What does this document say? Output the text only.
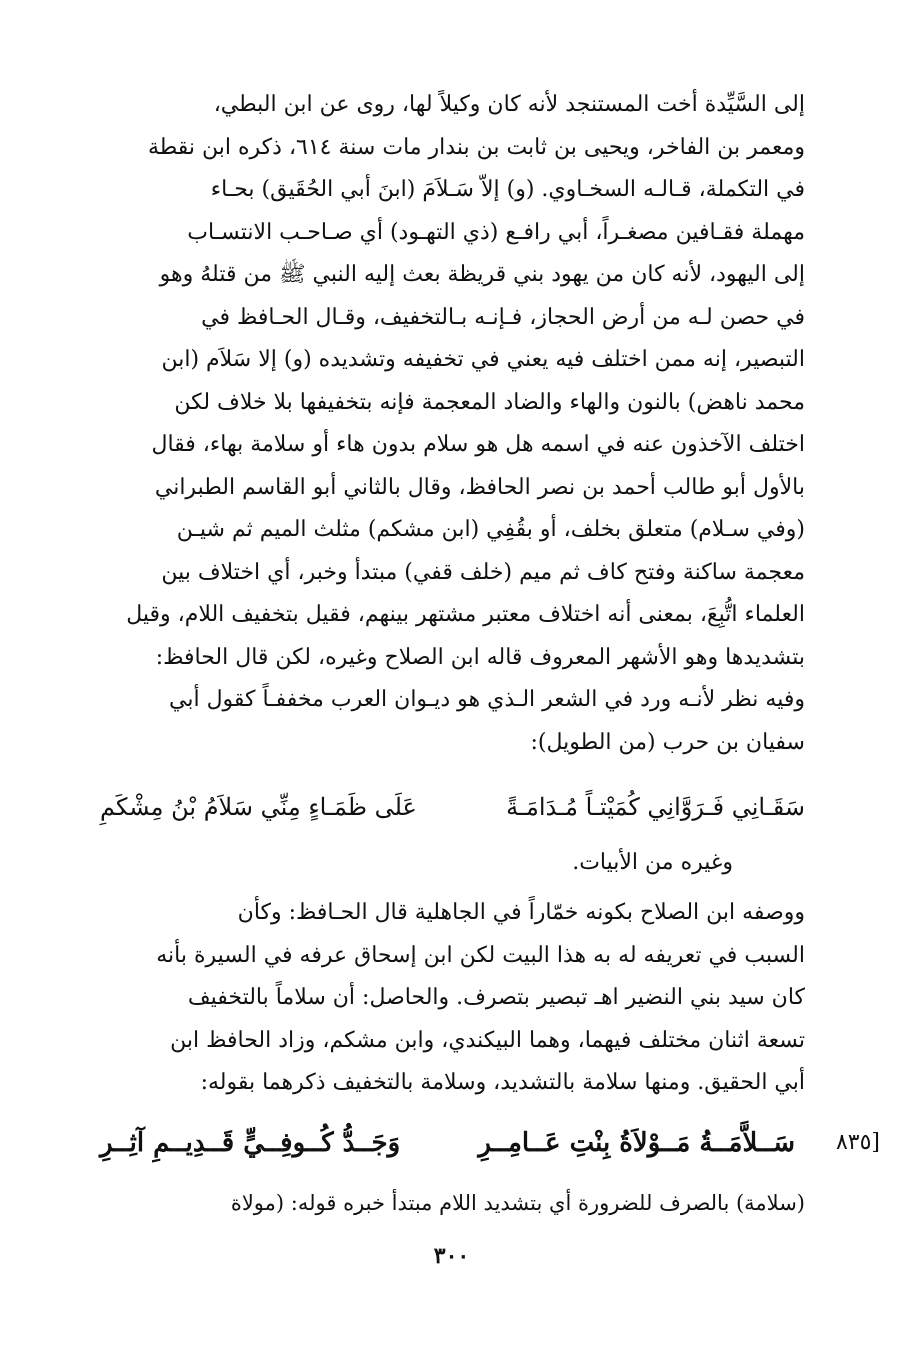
إلى السَّيِّدة أخت المستنجد لأنه كان وكيلاً لها، روى عن ابن البطي،
ومعمر بن الفاخر، ويحيى بن ثابت بن بندار مات سنة ٦١٤، ذكره ابن نقطة
في التكملة، قـالـه السخـاوي. (و) إلاّ سَـلاَمَ (ابنَ أبي الحُقَيق) بحـاء
مهملة فقـافين مصغـراً، أبي رافـع (ذي التهـود) أي صـاحـب الانتسـاب
إلى اليهود، لأنه كان من يهود بني قريظة بعث إليه النبي ﷺ من قتلهُ وهو
في حصن لـه من أرض الحجاز، فـإنـه بـالتخفيف، وقـال الحـافظ في
التبصير، إنه ممن اختلف فيه يعني في تخفيفه وتشديده (و) إلا سَلاَم (ابن
محمد ناهض) بالنون والهاء والضاد المعجمة فإنه بتخفيفها بلا خلاف لكن
اختلف الآخذون عنه في اسمه هل هو سلام بدون هاء أو سلامة بهاء، فقال
بالأول أبو طالب أحمد بن نصر الحافظ، وقال بالثاني أبو القاسم الطبراني
(وفي سـلام) متعلق بخلف، أو بقُفِي (ابن مشكم) مثلث الميم ثم شيـن
معجمة ساكنة وفتح كاف ثم ميم (خلف قفي) مبتدأ وخبر، أي اختلاف بين
العلماء اتُّبِعَ، بمعنى أنه اختلاف معتبر مشتهر بينهم، فقيل بتخفيف اللام، وقيل
بتشديدها وهو الأشهر المعروف قاله ابن الصلاح وغيره، لكن قال الحافظ:
وفيه نظر لأنـه ورد في الشعر الـذي هو ديـوان العرب مخففـاً كقول أبي
سفيان بن حرب (من الطويل):
سَقَـانِي فَـرَوَّانِي كُمَيْتـاً مُـدَامَـةً
عَلَى ظَمَـاءٍ مِنِّي سَلاَمُ بْنُ مِشْكَمِ
وغيره من الأبيات.
ووصفه ابن الصلاح بكونه خمّاراً في الجاهلية قال الحـافظ: وكأن
السبب في تعريفه له به هذا البيت لكن ابن إسحاق عرفه في السيرة بأنه
كان سيد بني النضير اهـ تبصير بتصرف. والحاصل: أن سلاماً بالتخفيف
تسعة اثنان مختلف فيهما، وهما البيكندي، وابن مشكم، وزاد الحافظ ابن
أبي الحقيق. ومنها سلامة بالتشديد، وسلامة بالتخفيف ذكرهما بقوله:
[٨٣٥
سَــلاَّمَــةُ مَــوْلاَةُ بِنْتِ عَــامِــرِ
وَجَــدُّ كُــوفِــيٍّ قَــدِيــمِ آثِــرِ
(سلامة) بالصرف للضرورة أي بتشديد اللام مبتدأ خبره قوله: (مولاة
٣٠٠
